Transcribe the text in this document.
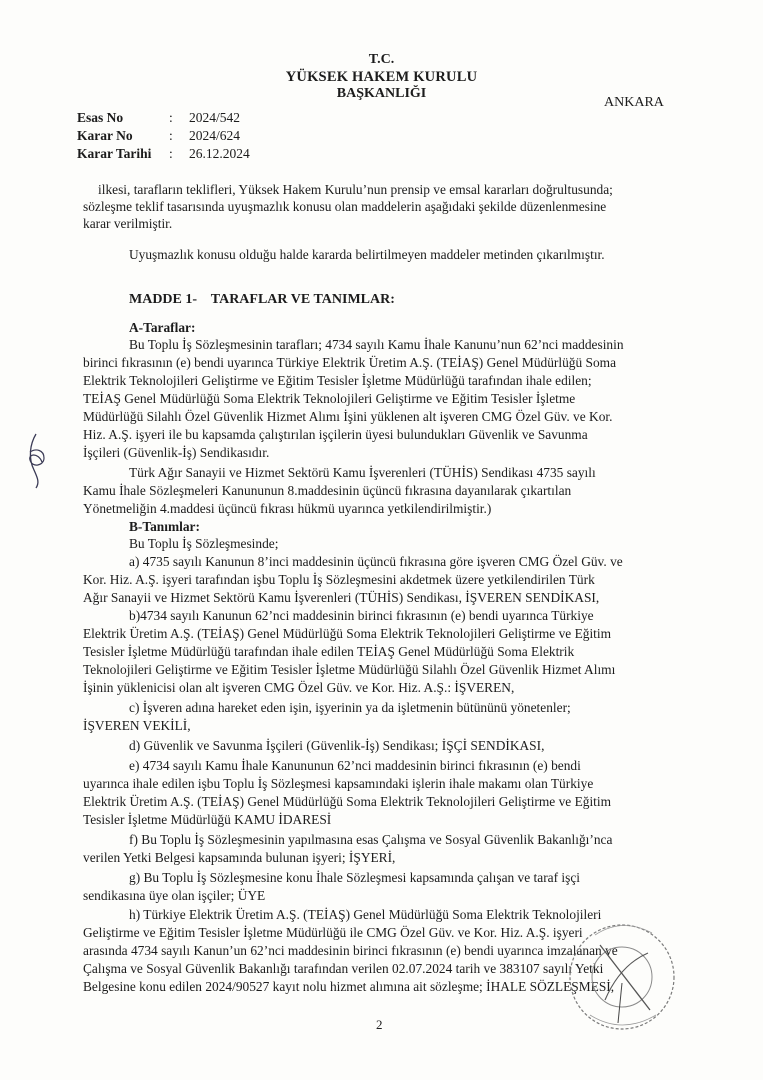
T.C.
YÜKSEK HAKEM KURULU
BAŞKANLIĞI
ANKARA
Esas No	: 2024/542
Karar No	: 2024/624
Karar Tarihi : 26.12.2024
ilkesi, tarafların teklifleri, Yüksek Hakem Kurulu’nun prensip ve emsal kararları doğrultusunda;
sözleşme teklif tasarısında uyuşmazlık konusu olan maddelerin aşağıdaki şekilde düzenlenmesine
karar verilmiştir.
Uyuşmazlık konusu olduğu halde kararda belirtilmeyen maddeler metinden çıkarılmıştır.
MADDE 1-    TARAFLAR VE TANIMLAR:
A-Taraflar:
Bu Toplu İş Sözleşmesinin tarafları; 4734 sayılı Kamu İhale Kanunu’nun 62’nci maddesinin
birinci fıkrasının (e) bendi uyarınca Türkiye Elektrik Üretim A.Ş. (TEİAŞ) Genel Müdürlüğü Soma
Elektrik Teknolojileri Geliştirme ve Eğitim Tesisler İşletme Müdürlüğü tarafından ihale edilen;
TEİAŞ Genel Müdürlüğü Soma Elektrik Teknolojileri Geliştirme ve Eğitim Tesisler İşletme
Müdürlüğü Silahlı Özel Güvenlik Hizmet Alımı İşini yüklenen alt işveren CMG Özel Güv. ve Kor.
Hiz. A.Ş. işyeri ile bu kapsamda çalıştırılan işçilerin üyesi bulundukları Güvenlik ve Savunma
İşçileri (Güvenlik-İş) Sendikasıdır.
Türk Ağır Sanayii ve Hizmet Sektörü Kamu İşverenleri (TÜHİS) Sendikası 4735 sayılı
Kamu İhale Sözleşmeleri Kanununun 8.maddesinin üçüncü fıkrasına dayanılarak çıkartılan
Yönetmeliğin 4.maddesi üçüncü fıkrası hükmü uyarınca yetkilendirilmiştir.)
B-Tanımlar:
Bu Toplu İş Sözleşmesinde;
a) 4735 sayılı Kanunun 8’inci maddesinin üçüncü fıkrasına göre işveren CMG Özel Güv. ve
Kor. Hiz. A.Ş. işyeri tarafından işbu Toplu İş Sözleşmesini akdetmek üzere yetkilendirilen Türk
Ağır Sanayii ve Hizmet Sektörü Kamu İşverenleri (TÜHİS) Sendikası, İŞVEREN SENDİKASI,
b)4734 sayılı Kanunun 62’nci maddesinin birinci fıkrasının (e) bendi uyarınca Türkiye
Elektrik Üretim A.Ş. (TEİAŞ) Genel Müdürlüğü Soma Elektrik Teknolojileri Geliştirme ve Eğitim
Tesisler İşletme Müdürlüğü tarafından ihale edilen TEİAŞ Genel Müdürlüğü Soma Elektrik
Teknolojileri Geliştirme ve Eğitim Tesisler İşletme Müdürlüğü Silahlı Özel Güvenlik Hizmet Alımı
İşinin yüklenicisi olan alt işveren CMG Özel Güv. ve Kor. Hiz. A.Ş.: İŞVEREN,
c) İşveren adına hareket eden işin, işyerinin ya da işletmenin bütününü yönetenler;
İŞVEREN VEKİLİ,
d) Güvenlik ve Savunma İşçileri (Güvenlik-İş) Sendikası; İŞÇİ SENDİKASI,
e) 4734 sayılı Kamu İhale Kanununun 62’nci maddesinin birinci fıkrasının (e) bendi
uyarınca ihale edilen işbu Toplu İş Sözleşmesi kapsamındaki işlerin ihale makamı olan Türkiye
Elektrik Üretim A.Ş. (TEİAŞ) Genel Müdürlüğü Soma Elektrik Teknolojileri Geliştirme ve Eğitim
Tesisler İşletme Müdürlüğü KAMU İDARESİ
f) Bu Toplu İş Sözleşmesinin yapılmasına esas Çalışma ve Sosyal Güvenlik Bakanlığı’nca
verilen Yetki Belgesi kapsamında bulunan işyeri; İŞYERİ,
g) Bu Toplu İş Sözleşmesine konu İhale Sözleşmesi kapsamında çalışan ve taraf işçi
sendikasına üye olan işçiler; ÜYE
h) Türkiye Elektrik Üretim A.Ş. (TEİAŞ) Genel Müdürlüğü Soma Elektrik Teknolojileri
Geliştirme ve Eğitim Tesisler İşletme Müdürlüğü ile CMG Özel Güv. ve Kor. Hiz. A.Ş. işyeri
arasında 4734 sayılı Kanun’un 62’nci maddesinin birinci fıkrasının (e) bendi uyarınca imzalanan ve
Çalışma ve Sosyal Güvenlik Bakanlığı tarafından verilen 02.07.2024 tarih ve 383107 sayılı Yetki
Belgesine konu edilen 2024/90527 kayıt nolu hizmet alımına ait sözleşme; İHALE SÖZLEŞMESİ,
2
